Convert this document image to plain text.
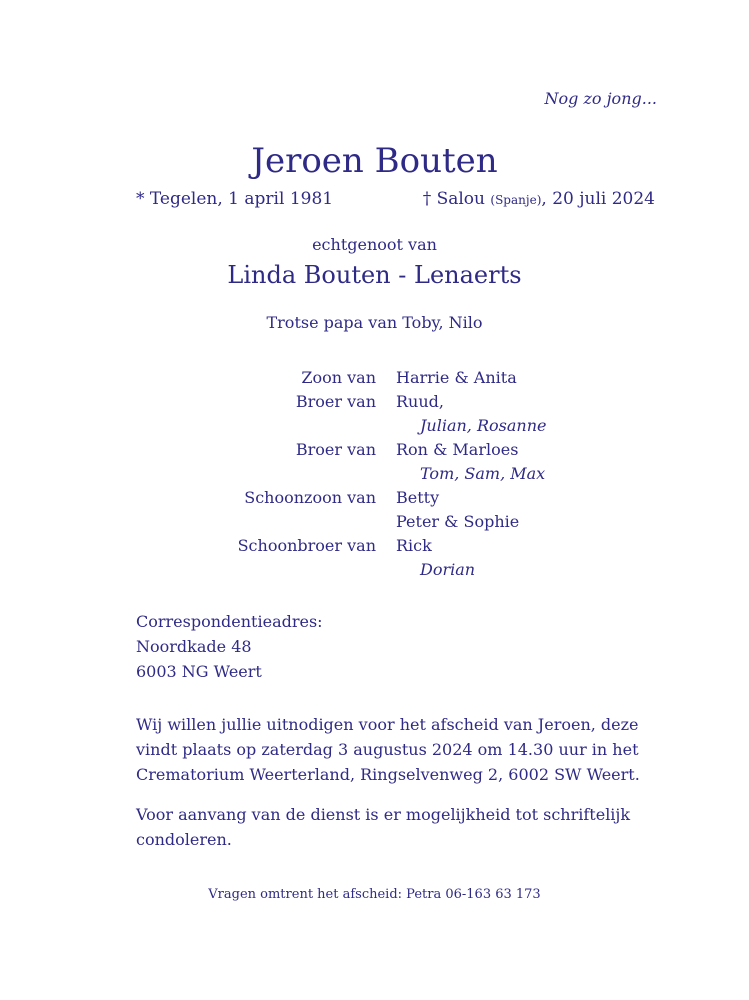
Nog zo jong...
Jeroen Bouten
* Tegelen, 1 april 1981	† Salou (Spanje), 20 juli 2024
echtgenoot van
Linda Bouten - Lenaerts
Trotse papa van Toby, Nilo
Zoon van Harrie & Anita
Broer van Ruud,
Julian, Rosanne
Broer van Ron & Marloes
Tom, Sam, Max
Schoonzoon van Betty
Peter & Sophie
Schoonbroer van Rick
Dorian
Correspondentieadres:
Noordkade 48
6003 NG Weert
Wij willen jullie uitnodigen voor het afscheid van Jeroen, deze
vindt plaats op zaterdag 3 augustus 2024 om 14.30 uur in het
Crematorium Weerterland, Ringselvenweg 2, 6002 SW Weert.
Voor aanvang van de dienst is er mogelijkheid tot schriftelijk
condoleren.
Vragen omtrent het afscheid: Petra 06-163 63 173
